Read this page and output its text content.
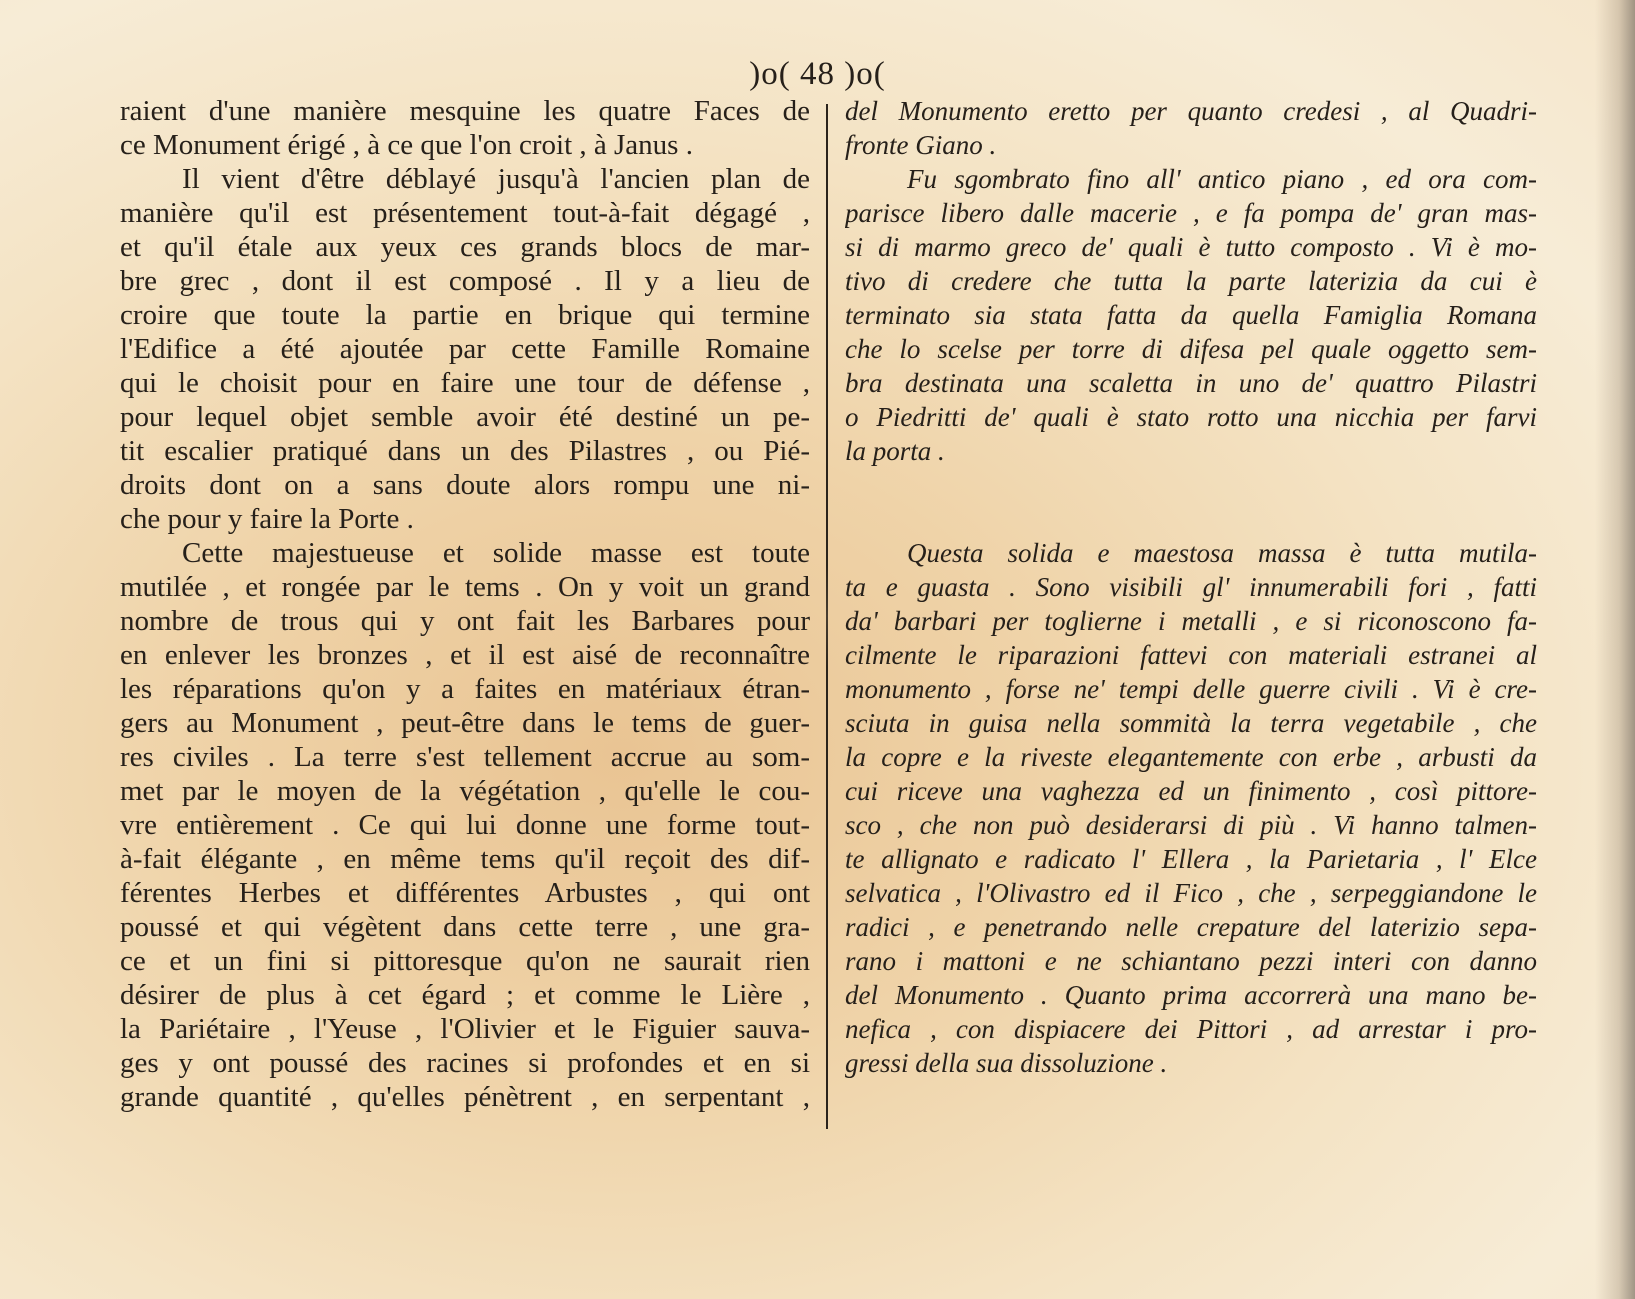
)o( 48 )o(
raient d'une manière mesquine les quatre Faces de
ce Monument érigé , à ce que l'on croit , à Janus .
Il vient d'être déblayé jusqu'à l'ancien plan de
manière qu'il est présentement tout-à-fait dégagé ,
et qu'il étale aux yeux ces grands blocs de mar-
bre grec , dont il est composé . Il y a lieu de
croire que toute la partie en brique qui termine
l'Edifice a été ajoutée par cette Famille Romaine
qui le choisit pour en faire une tour de défense ,
pour lequel objet semble avoir été destiné un pe-
tit escalier pratiqué dans un des Pilastres , ou Pié-
droits dont on a sans doute alors rompu une ni-
che pour y faire la Porte .
Cette majestueuse et solide masse est toute
mutilée , et rongée par le tems . On y voit un grand
nombre de trous qui y ont fait les Barbares pour
en enlever les bronzes , et il est aisé de reconnaître
les réparations qu'on y a faites en matériaux étran-
gers au Monument , peut-être dans le tems de guer-
res civiles . La terre s'est tellement accrue au som-
met par le moyen de la végétation , qu'elle le cou-
vre entièrement . Ce qui lui donne une forme tout-
à-fait élégante , en même tems qu'il reçoit des dif-
férentes Herbes et différentes Arbustes , qui ont
poussé et qui végètent dans cette terre , une gra-
ce et un fini si pittoresque qu'on ne saurait rien
désirer de plus à cet égard ; et comme le Lière ,
la Pariétaire , l'Yeuse , l'Olivier et le Figuier sauva-
ges y ont poussé des racines si profondes et en si
grande quantité , qu'elles pénètrent , en serpentant ,
del Monumento eretto per quanto credesi , al Quadri-
fronte Giano .
Fu sgombrato fino all' antico piano , ed ora com-
parisce libero dalle macerie , e fa pompa de' gran mas-
si di marmo greco de' quali è tutto composto . Vi è mo-
tivo di credere che tutta la parte laterizia da cui è
terminato sia stata fatta da quella Famiglia Romana
che lo scelse per torre di difesa pel quale oggetto sem-
bra destinata una scaletta in uno de' quattro Pilastri
o Piedritti de' quali è stato rotto una nicchia per farvi
la porta .
Questa solida e maestosa massa è tutta mutila-
ta e guasta . Sono visibili gl' innumerabili fori , fatti
da' barbari per toglierne i metalli , e si riconoscono fa-
cilmente le riparazioni fattevi con materiali estranei al
monumento , forse ne' tempi delle guerre civili . Vi è cre-
sciuta in guisa nella sommità la terra vegetabile , che
la copre e la riveste elegantemente con erbe , arbusti da
cui riceve una vaghezza ed un finimento , così pittore-
sco , che non può desiderarsi di più . Vi hanno talmen-
te allignato e radicato l' Ellera , la Parietaria , l' Elce
selvatica , l'Olivastro ed il Fico , che , serpeggiandone le
radici , e penetrando nelle crepature del laterizio sepa-
rano i mattoni e ne schiantano pezzi interi con danno
del Monumento . Quanto prima accorrerà una mano be-
nefica , con dispiacere dei Pittori , ad arrestar i pro-
gressi della sua dissoluzione .
